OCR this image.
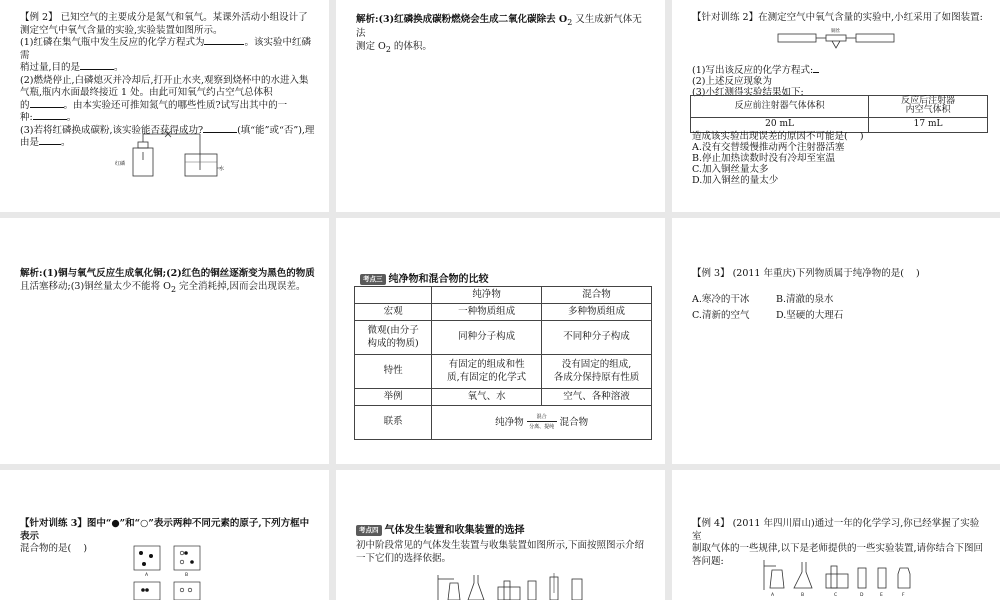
【例 2】 已知空气的主要成分是氮气和氧气。某课外活动小组设计了

测定空气中氧气含量的实验,实验装置如图所示。

(1)红磷在集气瓶中发生反应的化学方程式为	。该实验中红磷需

稍过量,目的是	。

(2)燃烧停止,白磷熄灭并冷却后,打开止水夹,观察到烧杯中的水进入集

气瓶,瓶内水面最终接近 1 处。由此可知氧气约占空气总体积

的	。由本实验还可推知氮气的哪些性质?试写出其中的一

种:	。

(3)若将红磷换成碳粉,该实验能否获得成功?	(填“能”或“否”),理

由是 。

红磷
水

解析:(3)红磷换成碳粉燃烧会生成二氧化碳除去 $O_2$ 又生成新气体无法

测定 $O_2$ 的体积。

【针对训练 2】在测定空气中氧气含量的实验中,小红采用了如图装置:

铜丝

(1)写出该反应的化学方程式:

(2)上述反应现象为

(3)小红测得实验结果如下:

反应前注射器气体体积	反应后注射器
内空气体积
20 mL	17 mL

造成该实验出现误差的原因不可能是( )

A.没有交替缓慢推动两个注射器活塞

B.停止加热读数时没有冷却至室温

C.加入铜丝量太多

D.加入铜丝的量太少

解析:(1)铜与氧气反应生成氧化铜;(2)红色的铜丝逐渐变为黑色的物质

且活塞移动;(3)铜丝量太少不能将 $O_2$ 完全消耗掉,因而会出现误差。

考点三 纯净物和混合物的比较
	纯净物	混合物
宏观	一种物质组成	多种物质组成
微观(由分子
构成的物质)	同种分子构成	不同种分子构成
特性	有固定的组成和性
质,有固定的化学式	没有固定的组成,
各成分保持原有性质
举例	氧气、水	空气、各种溶液
联系	纯净物 混合

分离、提纯 混合物	

【例 3】 (2011 年重庆)下列物质属于纯净物的是( )

A.寒冷的干冰	B.清澈的泉水
C.清新的空气	D.坚硬的大理石

【针对训练 3】图中“●”和“○”表示两种不同元素的原子,下列方框中表示

混合物的是( )

A	B
考点四 气体发生装置和收集装置的选择

初中阶段常见的气体发生装置与收集装置如图所示,下面按照图示介绍

一下它们的选择依据。

【例 4】 (2011 年四川眉山)通过一年的化学学习,你已经掌握了实验室

制取气体的一些规律,以下是老师提供的一些实验装置,请你结合下图回

答问题:

A	B	C	D	E	F
